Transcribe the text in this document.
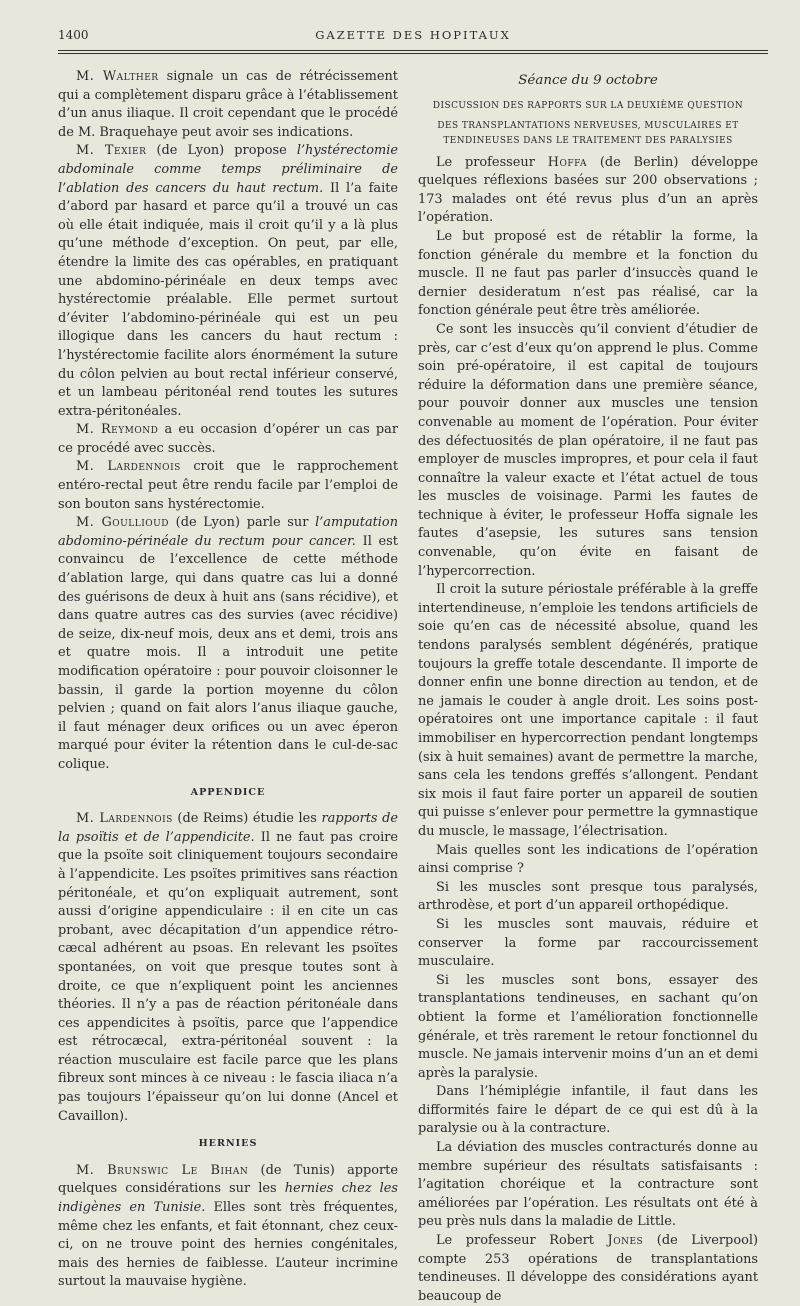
1400	GAZETTE DES HOPITAUX

M. Walther signale un cas de rétrécissement qui a complètement disparu grâce à l’établissement d’un anus iliaque. Il croit cependant que le procédé de M. Braquehaye peut avoir ses indications.

M. Texier (de Lyon) propose l’hystérectomie abdominale comme temps préliminaire de l’ablation des cancers du haut rectum. Il l’a faite d’abord par hasard et parce qu’il a trouvé un cas où elle était indiquée, mais il croit qu’il y a là plus qu’une méthode d’exception. On peut, par elle, étendre la limite des cas opérables, en pratiquant une abdomino-périnéale en deux temps avec hystérectomie préalable. Elle permet surtout d’éviter l’abdomino-périnéale qui est un peu illogique dans les cancers du haut rectum : l’hystérectomie facilite alors énormément la suture du côlon pelvien au bout rectal inférieur conservé, et un lambeau péritonéal rend toutes les sutures extra-péritonéales.

M. Reymond a eu occasion d’opérer un cas par ce procédé avec succès.

M. Lardennois croit que le rapprochement entéro-rectal peut être rendu facile par l’emploi de son bouton sans hystérectomie.

M. Goullioud (de Lyon) parle sur l’amputation abdomino-périnéale du rectum pour cancer. Il est convaincu de l’excellence de cette méthode d’ablation large, qui dans quatre cas lui a donné des guérisons de deux à huit ans (sans récidive), et dans quatre autres cas des survies (avec récidive) de seize, dix-neuf mois, deux ans et demi, trois ans et quatre mois. Il a introduit une petite modification opératoire : pour pouvoir cloisonner le bassin, il garde la portion moyenne du côlon pelvien ; quand on fait alors l’anus iliaque gauche, il faut ménager deux orifices ou un avec éperon marqué pour éviter la rétention dans le cul-de-sac colique.

APPENDICE

M. Lardennois (de Reims) étudie les rapports de la psoïtis et de l’appendicite. Il ne faut pas croire que la psoïte soit cliniquement toujours secondaire à l’appendicite. Les psoïtes primitives sans réaction péritonéale, et qu’on expliquait autrement, sont aussi d’origine appendiculaire : il en cite un cas probant, avec décapitation d’un appendice rétro-cæcal adhérent au psoas. En relevant les psoïtes spontanées, on voit que presque toutes sont à droite, ce que n’expliquent point les anciennes théories. Il n’y a pas de réaction péritonéale dans ces appendicites à psoïtis, parce que l’appendice est rétrocæcal, extra-péritonéal souvent : la réaction musculaire est facile parce que les plans fibreux sont minces à ce niveau : le fascia iliaca n’a pas toujours l’épaisseur qu’on lui donne (Ancel et Cavaillon).

HERNIES

M. Brunswic Le Bihan (de Tunis) apporte quelques considérations sur les hernies chez les indigènes en Tunisie. Elles sont très fréquentes, même chez les enfants, et fait étonnant, chez ceux-ci, on ne trouve point des hernies congénitales, mais des hernies de faiblesse. L’auteur incrimine surtout la mauvaise hygiène.

Séance du 9 octobre
DISCUSSION DES RAPPORTS SUR LA DEUXIÈME QUESTION
DES TRANSPLANTATIONS NERVEUSES, MUSCULAIRES ET TENDINEUSES DANS LE TRAITEMENT DES PARALYSIES

Le professeur Hoffa (de Berlin) développe quelques réflexions basées sur 200 observations ; 173 malades ont été revus plus d’un an après l’opération.

Le but proposé est de rétablir la forme, la fonction générale du membre et la fonction du muscle. Il ne faut pas parler d’insuccès quand le dernier desideratum n’est pas réalisé, car la fonction générale peut être très améliorée.

Ce sont les insuccès qu’il convient d’étudier de près, car c’est d’eux qu’on apprend le plus. Comme soin pré-opératoire, il est capital de toujours réduire la déformation dans une première séance, pour pouvoir donner aux muscles une tension convenable au moment de l’opération. Pour éviter des défectuosités de plan opératoire, il ne faut pas employer de muscles impropres, et pour cela il faut connaître la valeur exacte et l’état actuel de tous les muscles de voisinage. Parmi les fautes de technique à éviter, le professeur Hoffa signale les fautes d’asepsie, les sutures sans tension convenable, qu’on évite en faisant de l’hypercorrection.

Il croit la suture périostale préférable à la greffe intertendineuse, n’emploie les tendons artificiels de soie qu’en cas de nécessité absolue, quand les tendons paralysés semblent dégénérés, pratique toujours la greffe totale descendante. Il importe de donner enfin une bonne direction au tendon, et de ne jamais le couder à angle droit. Les soins post-opératoires ont une importance capitale : il faut immobiliser en hypercorrection pendant longtemps (six à huit semaines) avant de permettre la marche, sans cela les tendons greffés s’allongent. Pendant six mois il faut faire porter un appareil de soutien qui puisse s’enlever pour permettre la gymnastique du muscle, le massage, l’électrisation.

Mais quelles sont les indications de l’opération ainsi comprise ?

Si les muscles sont presque tous paralysés, arthrodèse, et port d’un appareil orthopédique.

Si les muscles sont mauvais, réduire et conserver la forme par raccourcissement musculaire.

Si les muscles sont bons, essayer des transplantations tendineuses, en sachant qu’on obtient la forme et l’amélioration fonctionnelle générale, et très rarement le retour fonctionnel du muscle. Ne jamais intervenir moins d’un an et demi après la paralysie.

Dans l’hémiplégie infantile, il faut dans les difformités faire le départ de ce qui est dû à la paralysie ou à la contracture.

La déviation des muscles contracturés donne au membre supérieur des résultats satisfaisants : l’agitation choréique et la contracture sont améliorées par l’opération. Les résultats ont été à peu près nuls dans la maladie de Little.

Le professeur Robert Jones (de Liverpool) compte 253 opérations de transplantations tendineuses. Il développe des considérations ayant beaucoup de
